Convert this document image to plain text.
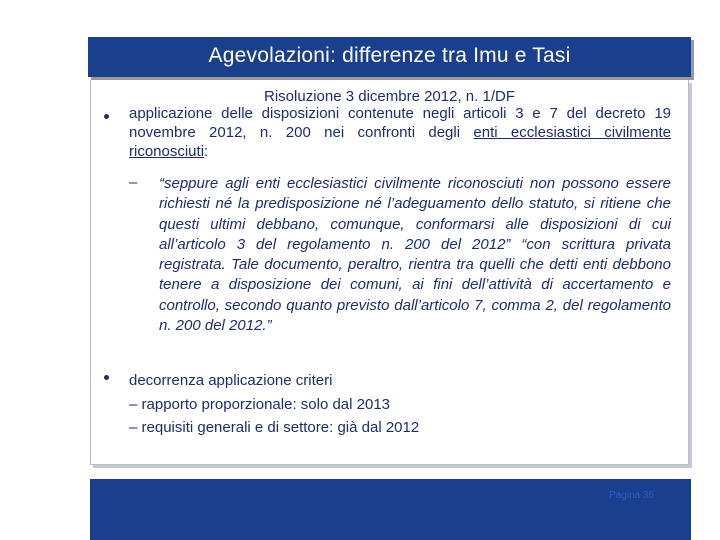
Agevolazioni: differenze tra Imu e Tasi
Risoluzione 3 dicembre 2012, n. 1/DF
applicazione delle disposizioni contenute negli articoli 3 e 7 del decreto 19 novembre 2012, n. 200 nei confronti degli enti ecclesiastici civilmente riconosciuti:
– “seppure agli enti ecclesiastici civilmente riconosciuti non possono essere richiesti né la predisposizione né l’adeguamento dello statuto, si ritiene che questi ultimi debbano, comunque, conformarsi alle disposizioni di cui all’articolo 3 del regolamento n. 200 del 2012” “con scrittura privata registrata. Tale documento, peraltro, rientra tra quelli che detti enti debbono tenere a disposizione dei comuni, ai fini dell’attività di accertamento e controllo, secondo quanto previsto dall’articolo 7, comma 2, del regolamento n. 200 del 2012.”
decorrenza applicazione criteri
– rapporto proporzionale: solo dal 2013
– requisiti generali e di settore: già dal 2012
Pagina 36
